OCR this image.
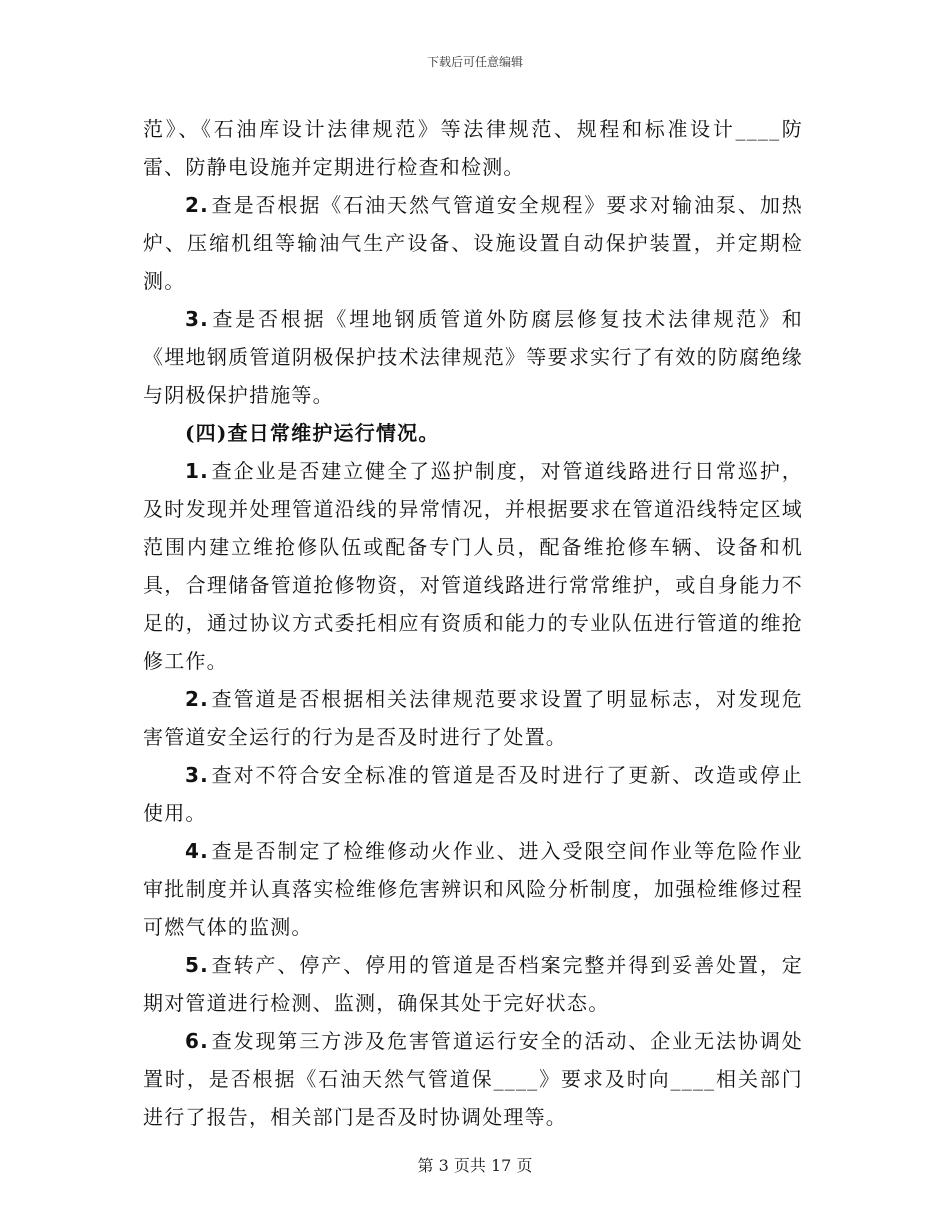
下载后可任意编辑

范》、《石油库设计法律规范》等法律规范、规程和标准设计____防雷、防静电设施并定期进行检查和检测。

2. 查是否根据《石油天然气管道安全规程》要求对输油泵、加热炉、压缩机组等输油气生产设备、设施设置自动保护装置，并定期检测。

3. 查是否根据《埋地钢质管道外防腐层修复技术法律规范》和《埋地钢质管道阴极保护技术法律规范》等要求实行了有效的防腐绝缘与阴极保护措施等。

(四)查日常维护运行情况。

1. 查企业是否建立健全了巡护制度，对管道线路进行日常巡护，及时发现并处理管道沿线的异常情况，并根据要求在管道沿线特定区域范围内建立维抢修队伍或配备专门人员，配备维抢修车辆、设备和机具，合理储备管道抢修物资，对管道线路进行常常维护，或自身能力不足的，通过协议方式委托相应有资质和能力的专业队伍进行管道的维抢修工作。

2. 查管道是否根据相关法律规范要求设置了明显标志，对发现危害管道安全运行的行为是否及时进行了处置。

3. 查对不符合安全标准的管道是否及时进行了更新、改造或停止使用。

4. 查是否制定了检维修动火作业、进入受限空间作业等危险作业审批制度并认真落实检维修危害辨识和风险分析制度，加强检维修过程可燃气体的监测。

5. 查转产、停产、停用的管道是否档案完整并得到妥善处置，定期对管道进行检测、监测，确保其处于完好状态。

6. 查发现第三方涉及危害管道运行安全的活动、企业无法协调处置时，是否根据《石油天然气管道保____》要求及时向____相关部门进行了报告，相关部门是否及时协调处理等。

第 3 页共 17 页
